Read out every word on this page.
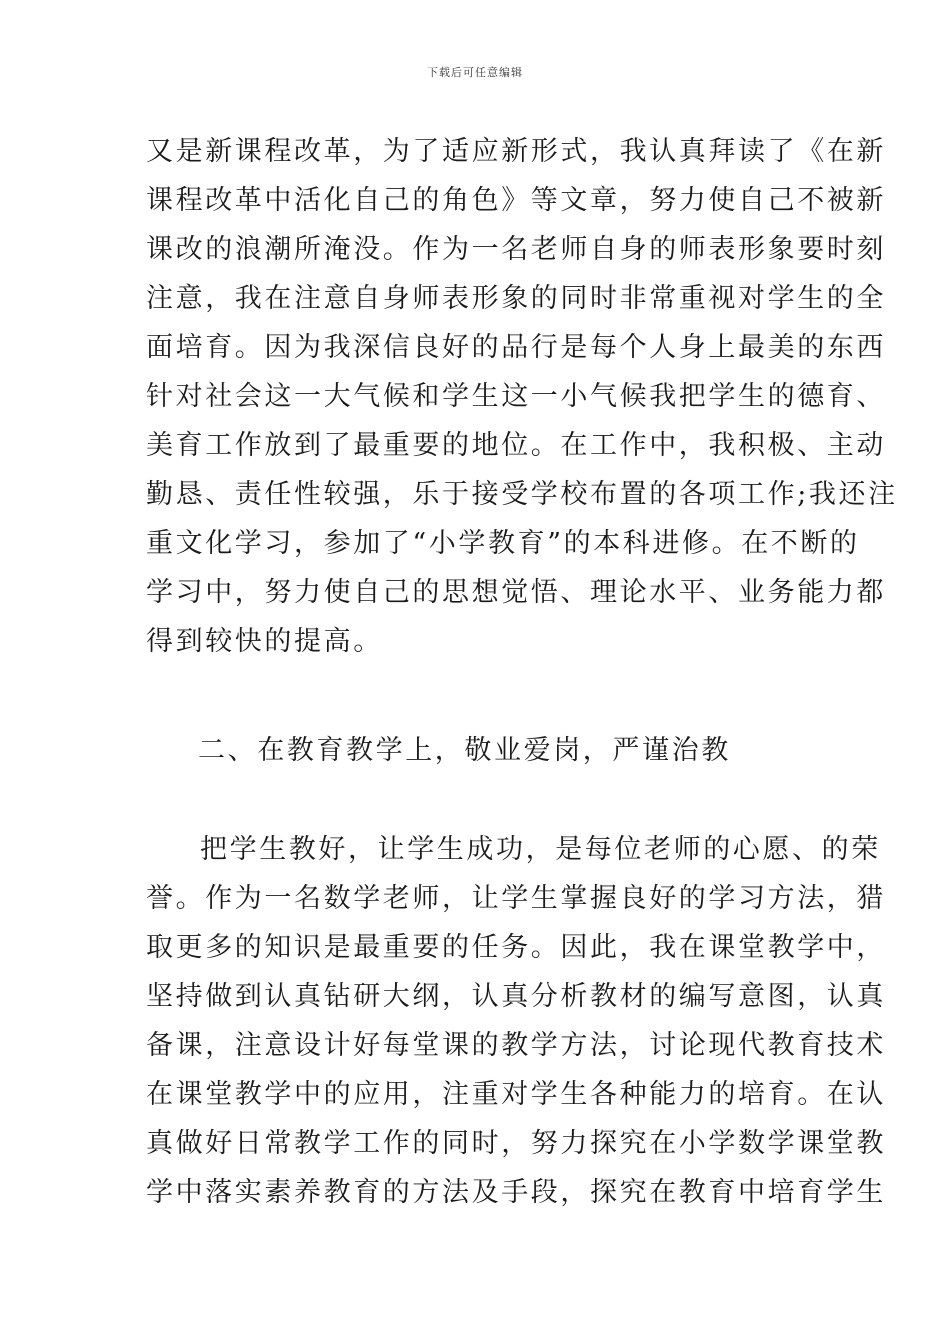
下载后可任意编辑
又是新课程改革，为了适应新形式，我认真拜读了《在新
课程改革中活化自己的角色》等文章，努力使自己不被新
课改的浪潮所淹没。作为一名老师自身的师表形象要时刻
注意，我在注意自身师表形象的同时非常重视对学生的全
面培育。因为我深信良好的品行是每个人身上最美的东西
针对社会这一大气候和学生这一小气候我把学生的德育、
美育工作放到了最重要的地位。在工作中，我积极、主动
勤恳、责任性较强，乐于接受学校布置的各项工作;我还注
重文化学习，参加了“小学教育”的本科进修。在不断的
学习中，努力使自己的思想觉悟、理论水平、业务能力都
得到较快的提高。
二、在教育教学上，敬业爱岗，严谨治教
把学生教好，让学生成功，是每位老师的心愿、的荣
誉。作为一名数学老师，让学生掌握良好的学习方法，猎
取更多的知识是最重要的任务。因此，我在课堂教学中，
坚持做到认真钻研大纲，认真分析教材的编写意图，认真
备课，注意设计好每堂课的教学方法，讨论现代教育技术
在课堂教学中的应用，注重对学生各种能力的培育。在认
真做好日常教学工作的同时，努力探究在小学数学课堂教
学中落实素养教育的方法及手段，探究在教育中培育学生
